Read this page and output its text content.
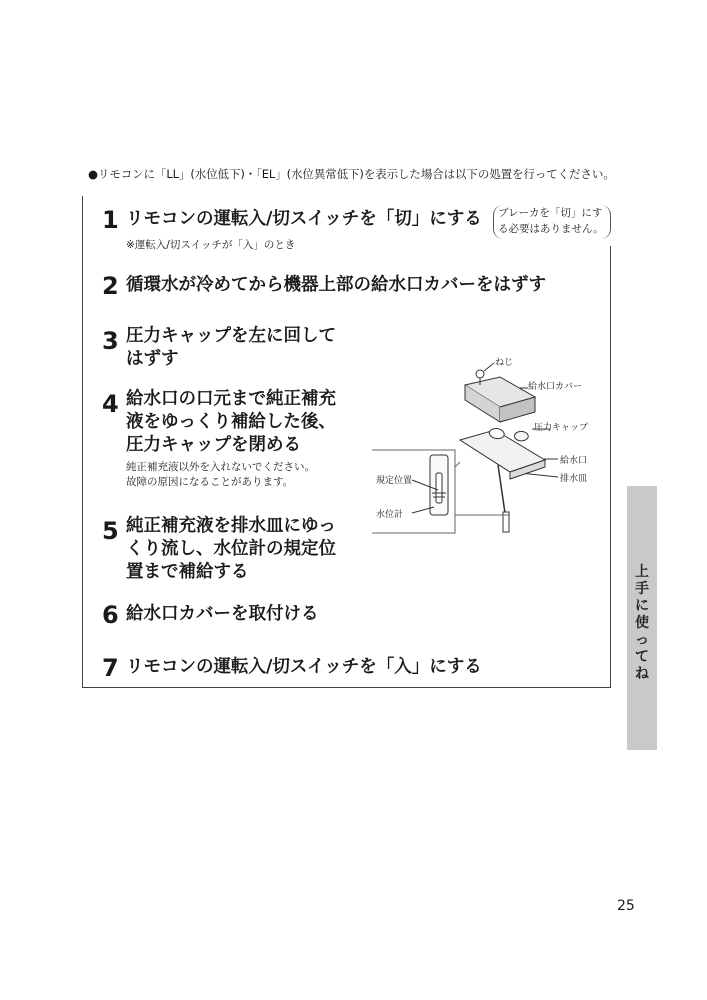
●リモコンに「LL」(水位低下)・「EL」(水位異常低下)を表示した場合は以下の処置を行ってください。
1 リモコンの運転入/切スイッチを「切」にする
※運転入/切スイッチが「入」のとき
ブレーカを「切」にす
る必要はありません。
2 循環水が冷めてから機器上部の給水口カバーをはずす
3 圧力キャップを左に回して
はずす
4 給水口の口元まで純正補充
液をゆっくり補給した後、
圧力キャップを閉める
純正補充液以外を入れないでください。
故障の原因になることがあります。
5 純正補充液を排水皿にゆっ
くり流し、水位計の規定位
置まで補給する
6 給水口カバーを取付ける
7 リモコンの運転入/切スイッチを「入」にする
ねじ
給水口カバー
圧力キャップ
給水口
排水皿
規定位置
水位計
上手に使ってね
25
